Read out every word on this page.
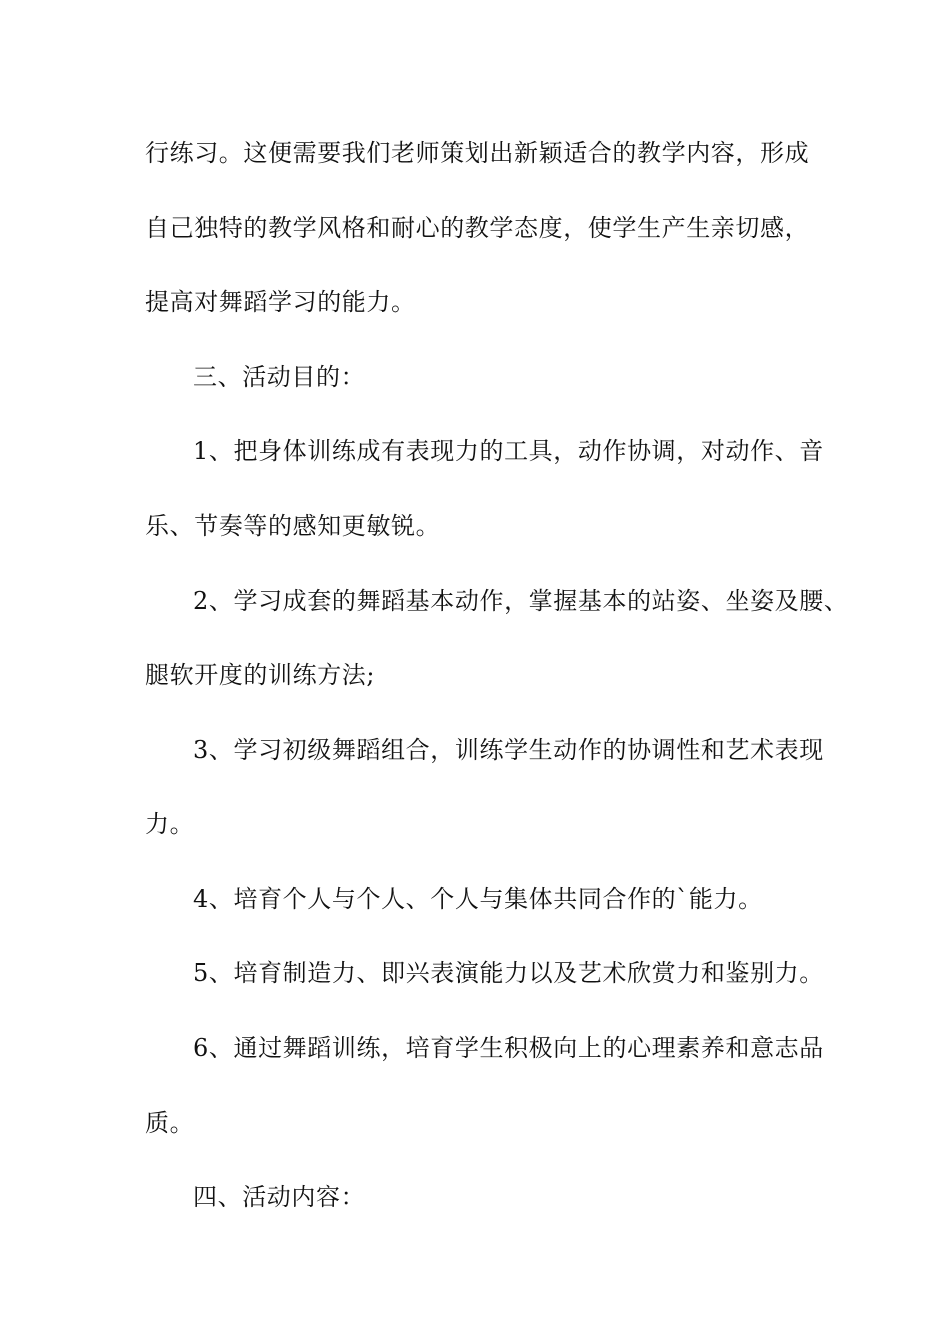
行练习。这便需要我们老师策划出新颖适合的教学内容，形成
自己独特的教学风格和耐心的教学态度，使学生产生亲切感，
提高对舞蹈学习的能力。
三、活动目的：
1、把身体训练成有表现力的工具，动作协调，对动作、音
乐、节奏等的感知更敏锐。
2、学习成套的舞蹈基本动作，掌握基本的站姿、坐姿及腰、
腿软开度的训练方法;
3、学习初级舞蹈组合，训练学生动作的协调性和艺术表现
力。
4、培育个人与个人、个人与集体共同合作的`能力。
5、培育制造力、即兴表演能力以及艺术欣赏力和鉴别力。
6、通过舞蹈训练，培育学生积极向上的心理素养和意志品
质。
四、活动内容：
